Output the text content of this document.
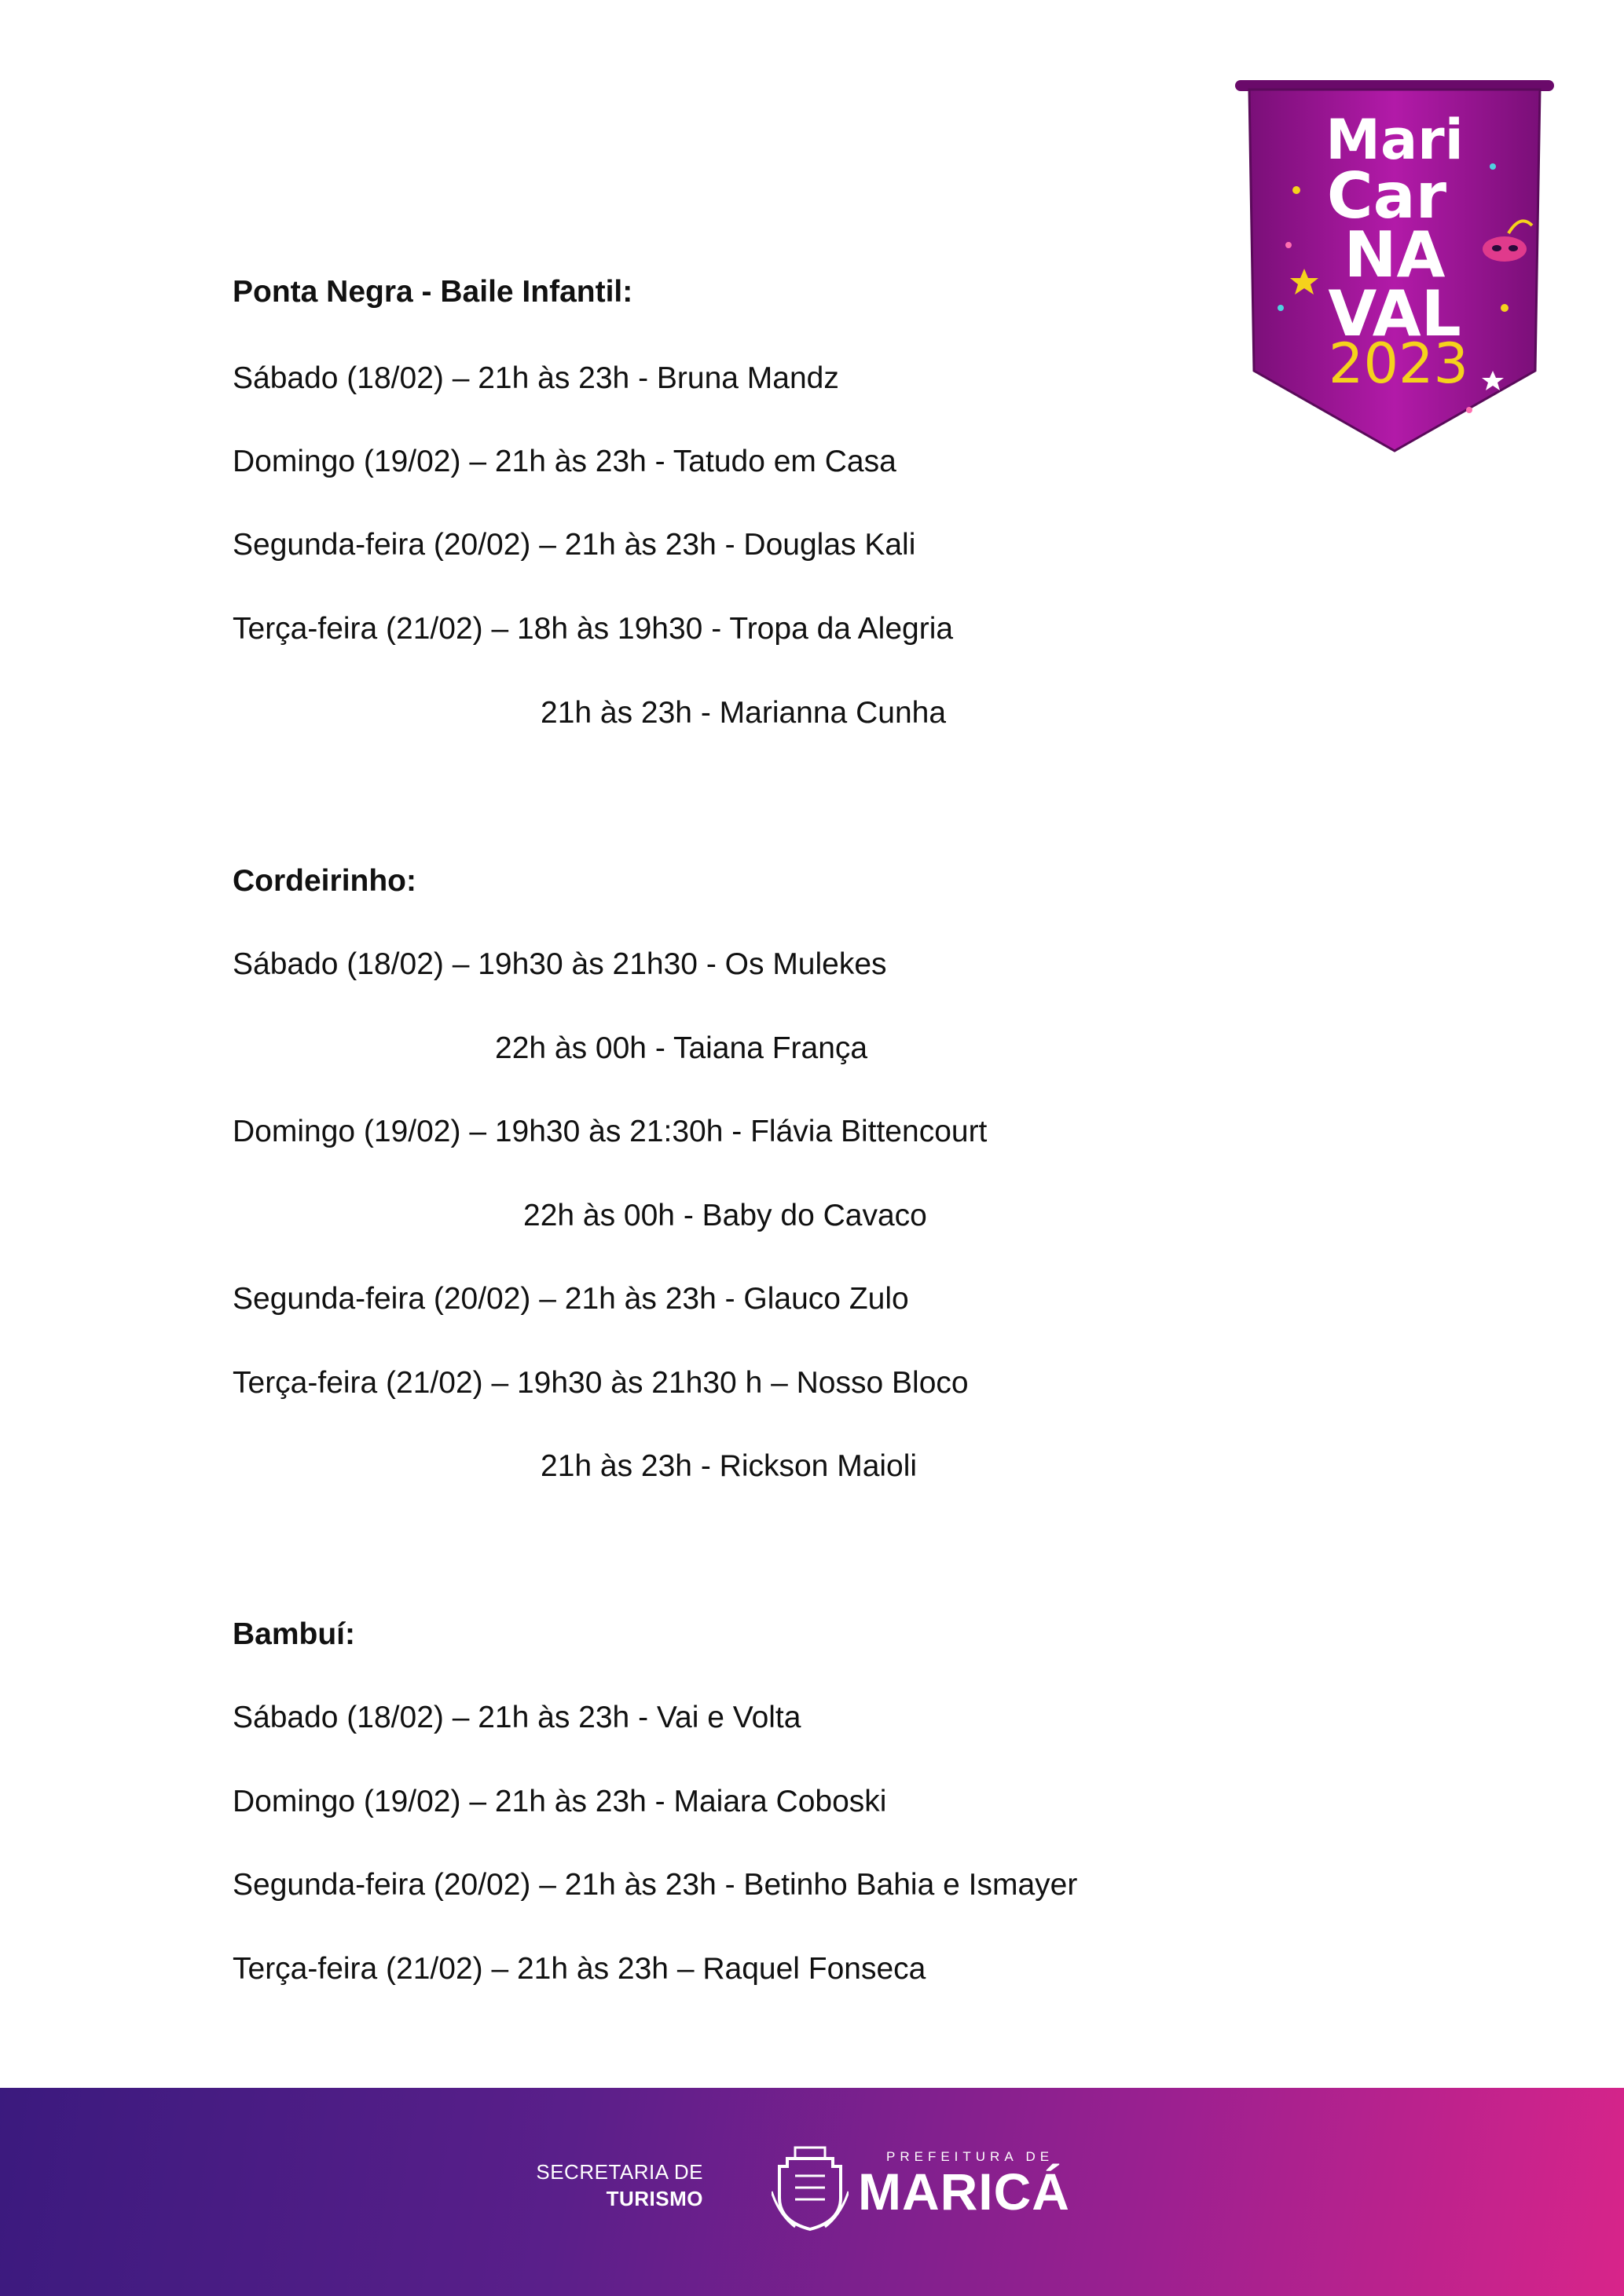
Mari
Car
NA
VAL
2023
Ponta Negra - Baile Infantil:

Sábado (18/02) – 21h às 23h - Bruna Mandz

Domingo (19/02) – 21h às 23h - Tatudo em Casa

Segunda-feira (20/02) – 21h às 23h - Douglas Kali

Terça-feira (21/02) – 18h às 19h30 - Tropa da Alegria

21h às 23h - Marianna Cunha

Cordeirinho:

Sábado (18/02) – 19h30 às 21h30 - Os Mulekes

22h às 00h - Taiana França

Domingo (19/02) – 19h30 às 21:30h - Flávia Bittencourt

22h às 00h - Baby do Cavaco

Segunda-feira (20/02) – 21h às 23h - Glauco Zulo

Terça-feira (21/02) – 19h30 às 21h30 h – Nosso Bloco

21h às 23h - Rickson Maioli

Bambuí:

Sábado (18/02) – 21h às 23h - Vai e Volta

Domingo (19/02) – 21h às 23h - Maiara Coboski

Segunda-feira (20/02) – 21h às 23h - Betinho Bahia e Ismayer

Terça-feira (21/02) – 21h às 23h – Raquel Fonseca

SECRETARIA DE
TURISMO
PREFEITURA DE
MARICÁ
